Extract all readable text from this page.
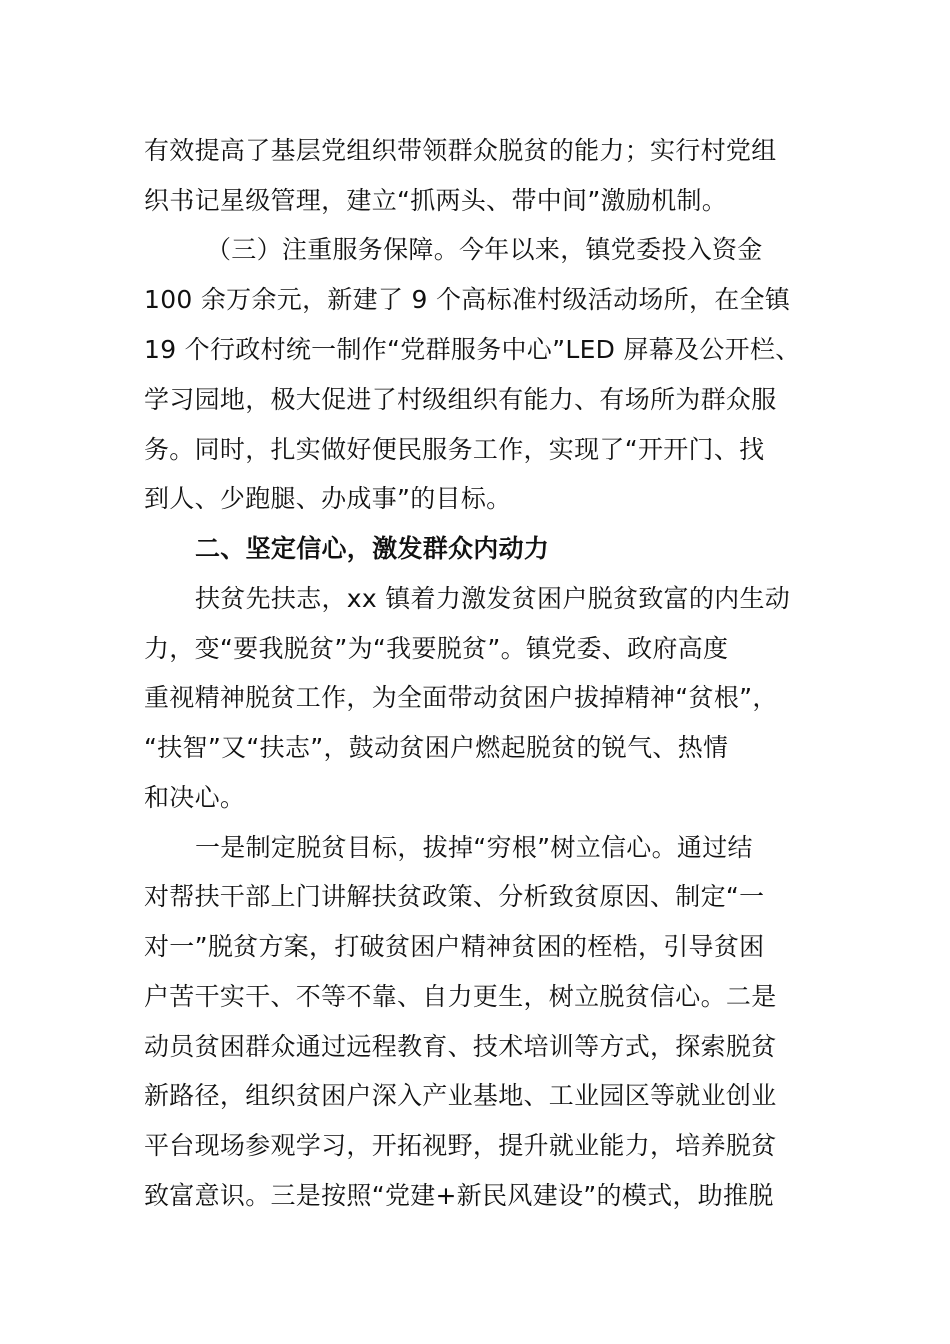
有效提高了基层党组织带领群众脱贫的能力；实行村党组
织书记星级管理，建立“抓两头、带中间”激励机制。
（三）注重服务保障。今年以来，镇党委投入资金
100 余万余元，新建了 9 个高标准村级活动场所，在全镇
19 个行政村统一制作“党群服务中心”LED 屏幕及公开栏、
学习园地，极大促进了村级组织有能力、有场所为群众服
务。同时，扎实做好便民服务工作，实现了“开开门、找
到人、少跑腿、办成事”的目标。
二、坚定信心，激发群众内动力
扶贫先扶志，xx 镇着力激发贫困户脱贫致富的内生动
力，变“要我脱贫”为“我要脱贫”。镇党委、政府高度
重视精神脱贫工作，为全面带动贫困户拔掉精神“贫根”，
“扶智”又“扶志”，鼓动贫困户燃起脱贫的锐气、热情
和决心。
一是制定脱贫目标，拔掉“穷根”树立信心。通过结
对帮扶干部上门讲解扶贫政策、分析致贫原因、制定“一
对一”脱贫方案，打破贫困户精神贫困的桎梏，引导贫困
户苦干实干、不等不靠、自力更生，树立脱贫信心。二是
动员贫困群众通过远程教育、技术培训等方式，探索脱贫
新路径，组织贫困户深入产业基地、工业园区等就业创业
平台现场参观学习，开拓视野，提升就业能力，培养脱贫
致富意识。三是按照“党建+新民风建设”的模式，助推脱
